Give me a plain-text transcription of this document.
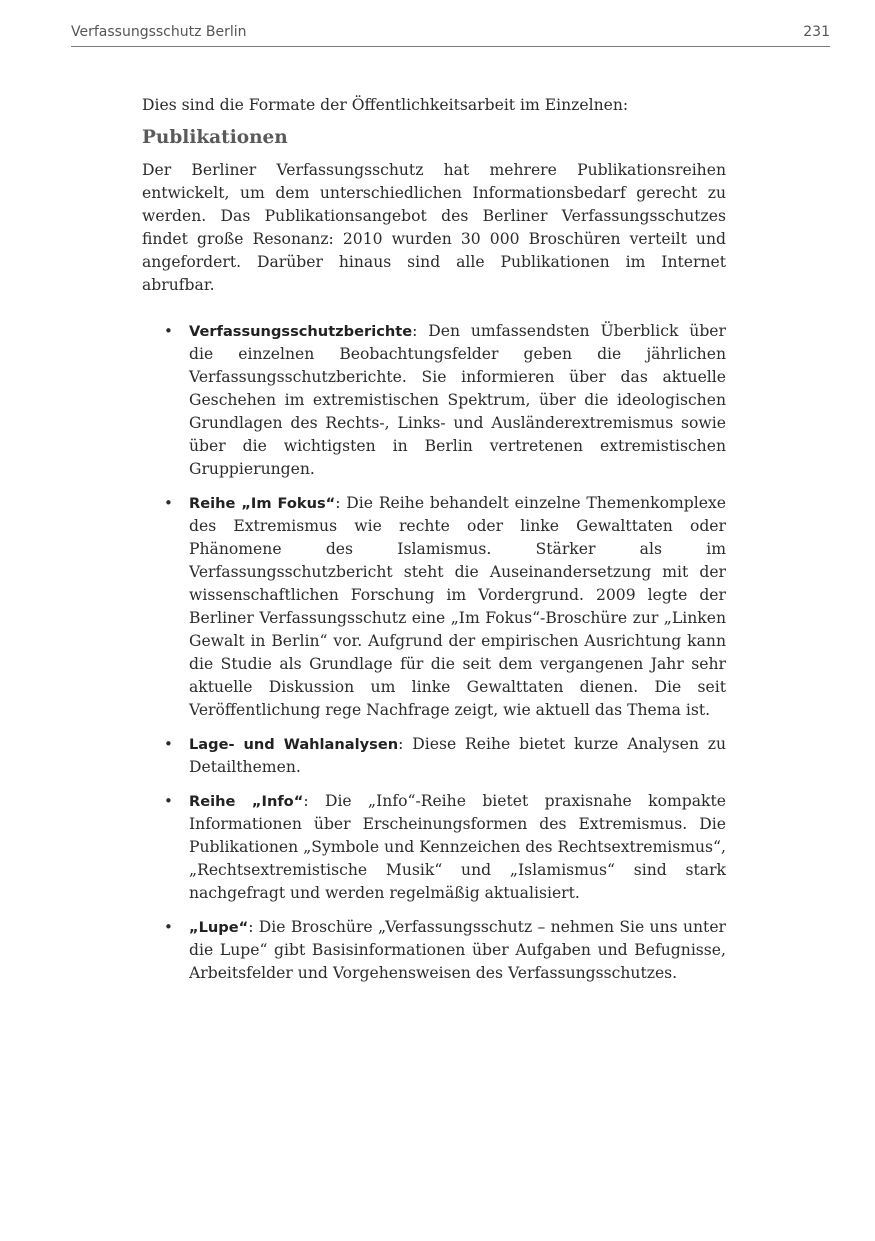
Verfassungsschutz Berlin	231

Dies sind die Formate der Öffentlichkeitsarbeit im Einzelnen:

Publikationen

Der Berliner Verfassungsschutz hat mehrere Publikationsreihen entwickelt, um dem unterschiedlichen Informationsbedarf gerecht zu werden. Das Publikationsangebot des Berliner Verfassungsschutzes findet große Resonanz: 2010 wurden 30 000 Broschüren verteilt und angefordert. Darüber hinaus sind alle Publikationen im Internet abrufbar.

• Verfassungsschutzberichte: Den umfassendsten Überblick über die einzelnen Beobachtungsfelder geben die jährlichen Verfassungsschutzberichte. Sie informieren über das aktuelle Geschehen im extremistischen Spektrum, über die ideologischen Grundlagen des Rechts-, Links- und Ausländerextremismus sowie über die wichtigsten in Berlin vertretenen extremistischen Gruppierungen.
• Reihe „Im Fokus“: Die Reihe behandelt einzelne Themenkomplexe des Extremismus wie rechte oder linke Gewalttaten oder Phänomene des Islamismus. Stärker als im Verfassungsschutzbericht steht die Auseinandersetzung mit der wissenschaftlichen Forschung im Vordergrund. 2009 legte der Berliner Verfassungsschutz eine „Im Fokus“-Broschüre zur „Linken Gewalt in Berlin“ vor. Aufgrund der empirischen Ausrichtung kann die Studie als Grundlage für die seit dem vergangenen Jahr sehr aktuelle Diskussion um linke Gewalttaten dienen. Die seit Veröffentlichung rege Nachfrage zeigt, wie aktuell das Thema ist.
• Lage- und Wahlanalysen: Diese Reihe bietet kurze Analysen zu Detailthemen.
• Reihe „Info“: Die „Info“-Reihe bietet praxisnahe kompakte Informationen über Erscheinungsformen des Extremismus. Die Publikationen „Symbole und Kennzeichen des Rechtsextremismus“, „Rechtsextremistische Musik“ und „Islamismus“ sind stark nachgefragt und werden regelmäßig aktualisiert.
• „Lupe“: Die Broschüre „Verfassungsschutz – nehmen Sie uns unter die Lupe“ gibt Basisinformationen über Aufgaben und Befugnisse, Arbeitsfelder und Vorgehensweisen des Verfassungsschutzes.
